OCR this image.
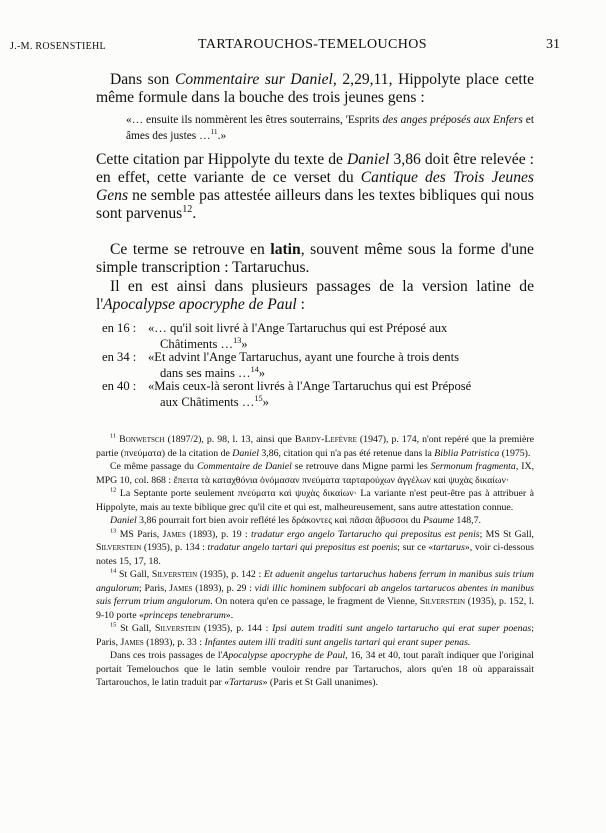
J.-M. ROSENSTIEHL	TARTAROUCHOS-TEMELOUCHOS	31

Dans son Commentaire sur Daniel, 2,29,11, Hippolyte place cette même formule dans la bouche des trois jeunes gens :

«… ensuite ils nommèrent les êtres souterrains, 'Esprits des anges préposés aux Enfers et âmes des justes …$^{11}$.»

Cette citation par Hippolyte du texte de Daniel 3,86 doit être relevée : en effet, cette variante de ce verset du Cantique des Trois Jeunes Gens ne semble pas attestée ailleurs dans les textes bibliques qui nous sont parvenus$^{12}$.

Ce terme se retrouve en latin, souvent même sous la forme d'une simple transcription : Tartaruchus.

Il en est ainsi dans plusieurs passages de la version latine de l'Apocalypse apocryphe de Paul :

en 16 : «… qu'il soit livré à l'Ange Tartaruchus qui est Préposé aux
Châtiments …$^{13}$»
en 34 : «Et advint l'Ange Tartaruchus, ayant une fourche à trois dents
dans ses mains …$^{14}$»
en 40 : «Mais ceux-là seront livrés à l'Ange Tartaruchus qui est Préposé
aux Châtiments …$^{15}$»

$^{11}$ Bonwetsch (1897/2), p. 98, l. 13, ainsi que Bardy-Lefèvre (1947), p. 174, n'ont repéré que la première partie (πνεύματα) de la citation de Daniel 3,86, citation qui n'a pas été retenue dans la Biblia Patristica (1975).

Ce même passage du Commentaire de Daniel se retrouve dans Migne parmi les Sermonum fragmenta, IX, MPG 10, col. 868 : ἔπειτα τὰ καταχθόνια ὀνόμασαν πνεύματα ταρταρούχων ἀγγέλων καὶ ψυχὰς δικαίων·

$^{12}$ La Septante porte seulement πνεύματα καὶ ψυχὰς δικαίων· La variante n'est peut-être pas à attribuer à Hippolyte, mais au texte biblique grec qu'il cite et qui est, malheureusement, sans autre attestation connue.

Daniel 3,86 pourrait fort bien avoir reflété les δράκοντες καὶ πᾶσαι ἄβυσσοι du Psaume 148,7.

$^{13}$ MS Paris, James (1893), p. 19 : tradatur ergo angelo Tartarucho qui prepositus est penis; MS St Gall, Silverstein (1935), p. 134 : tradatur angelo tartari qui prepositus est poenis; sur ce «tartarus», voir ci-dessous notes 15, 17, 18.

$^{14}$ St Gall, Silverstein (1935), p. 142 : Et aduenit angelus tartaruchus habens ferrum in manibus suis trium angulorum; Paris, James (1893), p. 29 : vidi illic hominem subfocari ab angelos tartarucos abentes in manibus suis ferrum trium angulorum. On notera qu'en ce passage, le fragment de Vienne, Silverstein (1935), p. 152, l. 9-10 porte «princeps tenebrarum».

$^{15}$ St Gall, Silverstein (1935), p. 144 : Ipsi autem traditi sunt angelo tartarucho qui erat super poenas; Paris, James (1893), p. 33 : Infantes autem illi traditi sunt angelis tartari qui erant super penas.

Dans ces trois passages de l'Apocalypse apocryphe de Paul, 16, 34 et 40, tout paraît indiquer que l'original portait Temelouchos que le latin semble vouloir rendre par Tartaruchos, alors qu'en 18 où apparaissait Tartarouchos, le latin traduit par «Tartarus» (Paris et St Gall unanimes).
